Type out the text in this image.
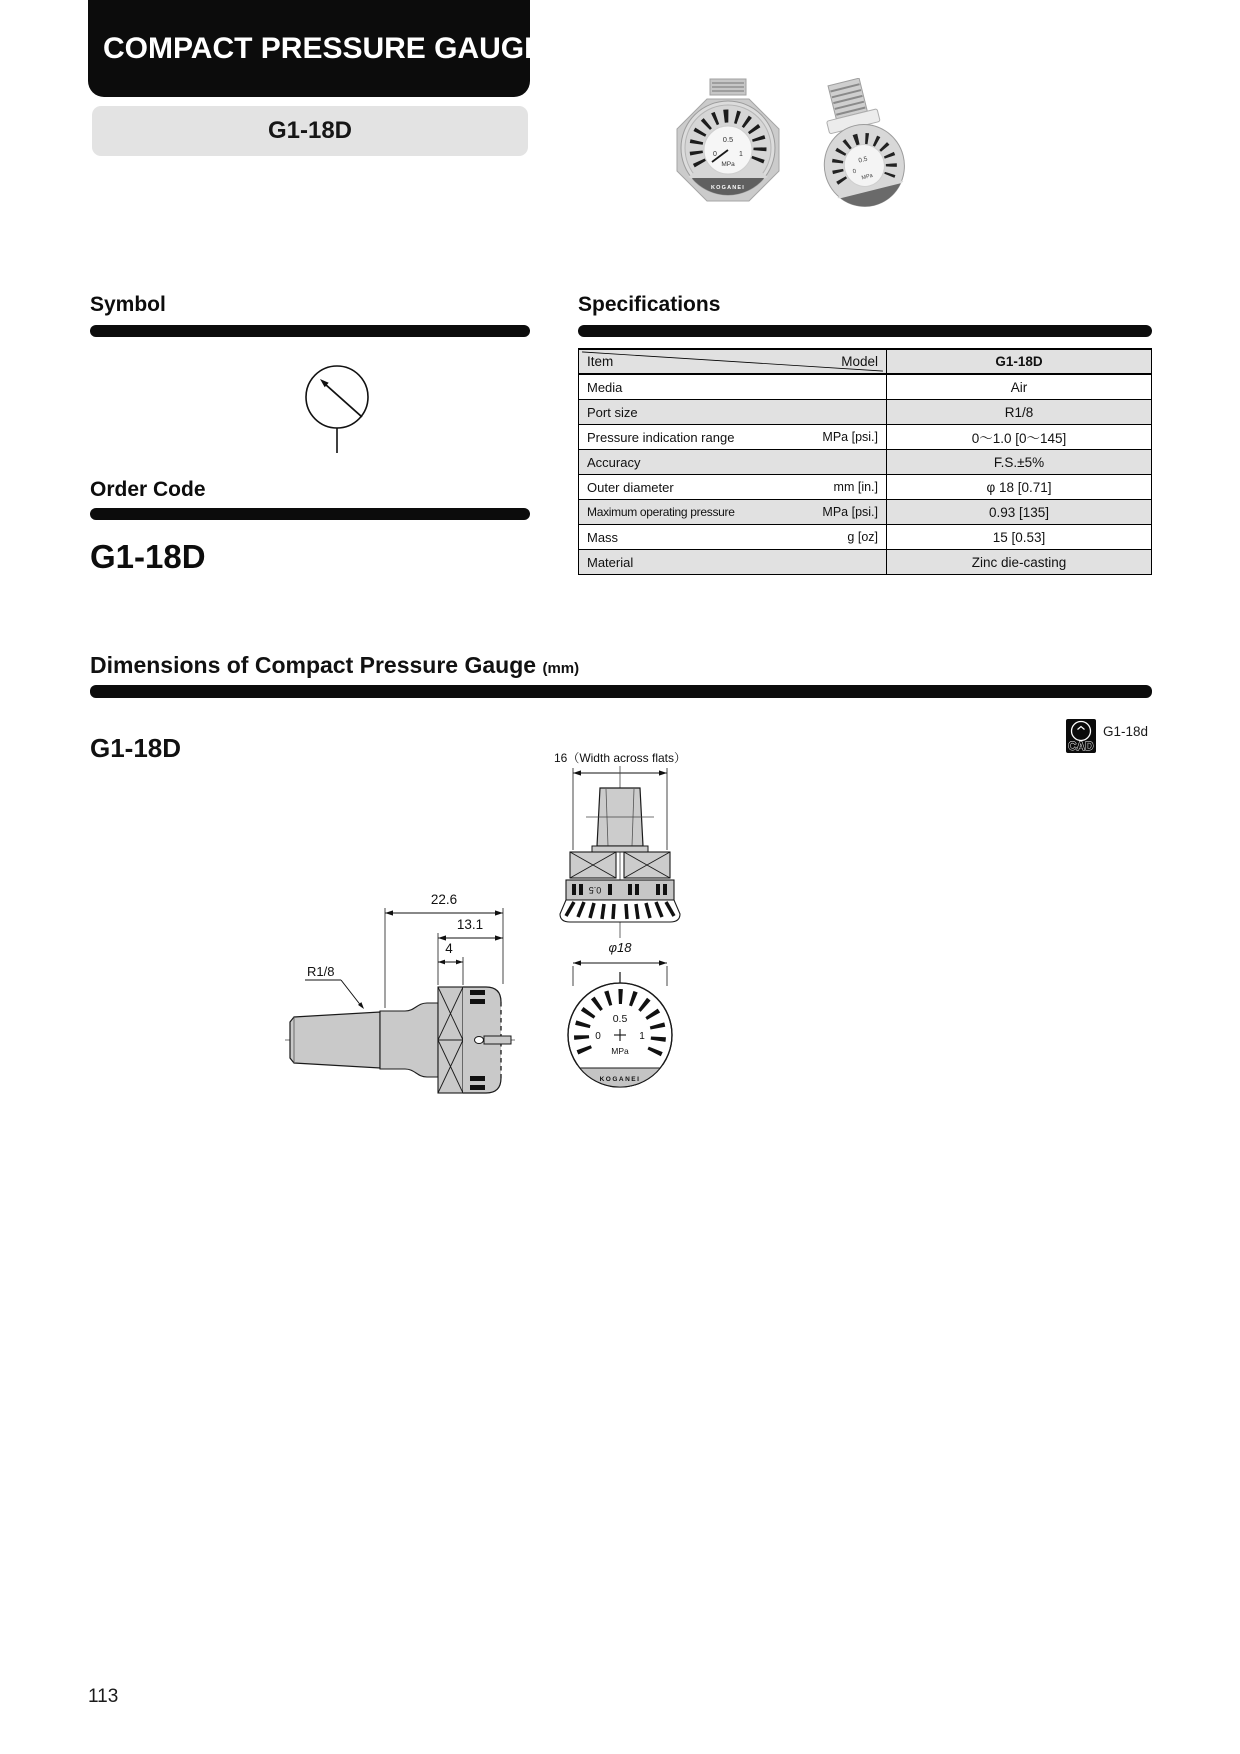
COMPACT PRESSURE GAUGE
G1-18D
0.5
0
MPa
0.5
0	1
MPa
KOGANEI
Symbol	Specifications
Item	Model	G1-18D
Media	Air
Port size	R1/8
Pressure indication range	MPa [psi.]	0～1.0 [0～145]
Accuracy	F.S.±5%
Outer diameter	mm [in.]	φ 18 [0.71]
Maximum operating pressure	MPa [psi.]	0.93 [135]
Mass	g [oz]	15 [0.53]
Material	Zinc die-casting
Order Code
G1-18D
Dimensions of Compact Pressure Gauge (mm)
G1-18D	CAD
G1-18d
16（Width across flats）
0.5
φ18
KOGANEI
0.5
0	1
MPa
22.6
13.1
4
R1/8
113
